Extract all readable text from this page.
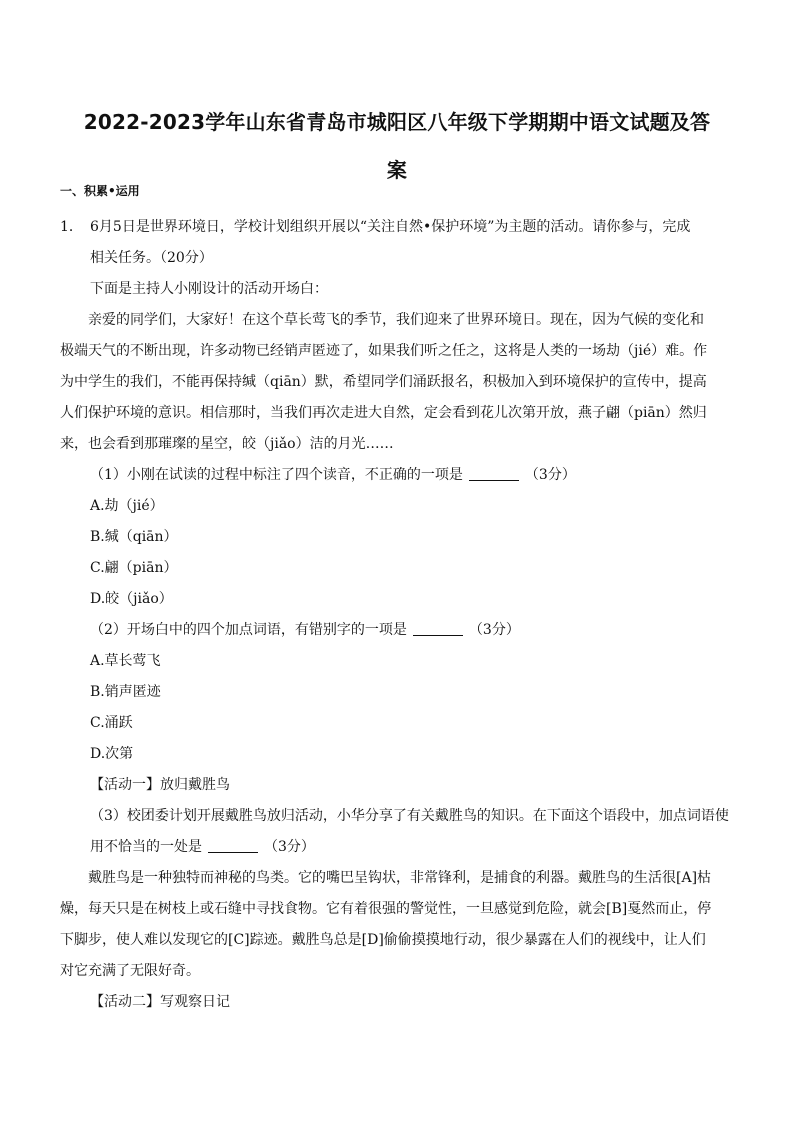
2022-2023学年山东省青岛市城阳区八年级下学期期中语文试题及答
案
一、积累•运用
1． 6月5日是世界环境日，学校计划组织开展以“关注自然•保护环境”为主题的活动。请你参与，完成
相关任务。（20分）
下面是主持人小刚设计的活动开场白：
亲爱的同学们，大家好！在这个草长莺飞的季节，我们迎来了世界环境日。现在，因为气候的变化和
极端天气的不断出现，许多动物已经销声匿迹了，如果我们听之任之，这将是人类的一场劫（jié）难。作
为中学生的我们，不能再保持缄（qiān）默，希望同学们涌跃报名，积极加入到环境保护的宣传中，提高
人们保护环境的意识。相信那时，当我们再次走进大自然，定会看到花儿次第开放，燕子翩（piān）然归
来，也会看到那璀璨的星空，皎（jiǎo）洁的月光……
（1）小刚在试读的过程中标注了四个读音，不正确的一项是	（3分）
A.劫（jié）
B.缄（qiān）
C.翩（piān）
D.皎（jiǎo）
（2）开场白中的四个加点词语，有错别字的一项是	（3分）
A.草长莺飞
B.销声匿迹
C.涌跃
D.次第
【活动一】放归戴胜鸟
（3）校团委计划开展戴胜鸟放归活动，小华分享了有关戴胜鸟的知识。在下面这个语段中，加点词语使
用不恰当的一处是	（3分）
戴胜鸟是一种独特而神秘的鸟类。它的嘴巴呈钩状，非常锋利，是捕食的利器。戴胜鸟的生活很[A]枯
燥，每天只是在树枝上或石缝中寻找食物。它有着很强的警觉性，一旦感觉到危险，就会[B]戛然而止，停
下脚步，使人难以发现它的[C]踪迹。戴胜鸟总是[D]偷偷摸摸地行动，很少暴露在人们的视线中，让人们
对它充满了无限好奇。
【活动二】写观察日记
